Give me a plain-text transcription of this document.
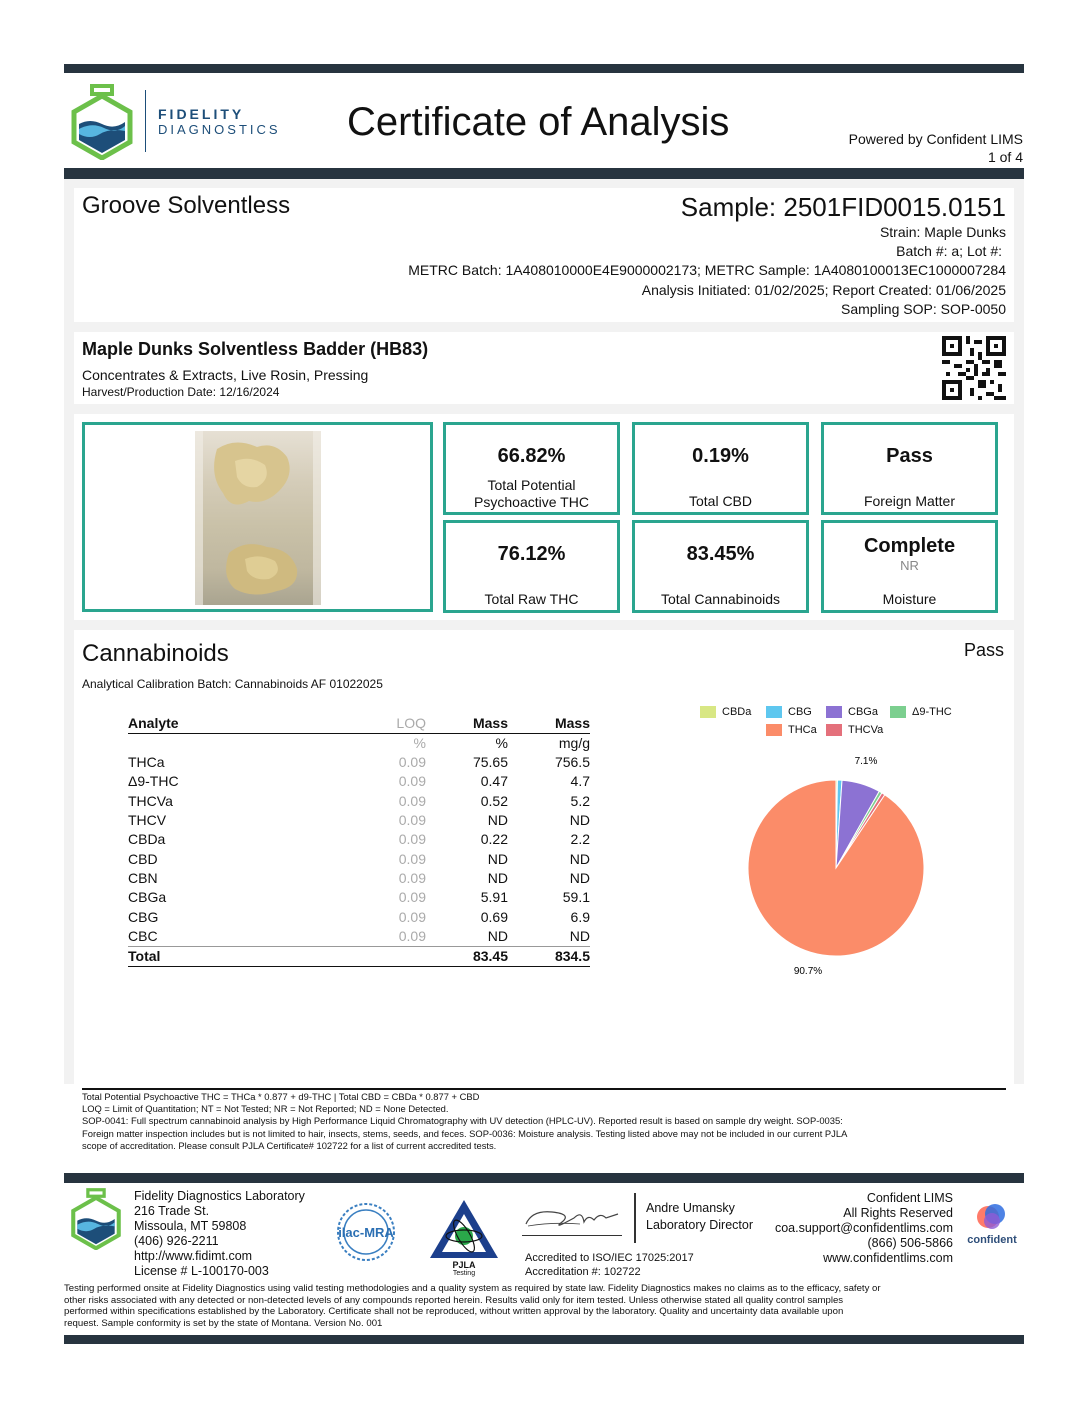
FIDELITY
DIAGNOSTICS Certificate of Analysis	Powered by Confident LIMS
1 of 4
Groove Solventless	Sample: 2501FID0015.0151
Strain: Maple Dunks
Batch #: a; Lot #:
METRC Batch: 1A408010000E4E9000002173; METRC Sample: 1A4080100013EC1000007284
Analysis Initiated: 01/02/2025; Report Created: 01/06/2025
Sampling SOP: SOP-0050
Maple Dunks Solventless Badder (HB83)
Concentrates & Extracts, Live Rosin, Pressing
Harvest/Production Date: 12/16/2024
66.82%
Total Potential
Psychoactive THC
0.19%
Total CBD
Pass
Foreign Matter
76.12%
Total Raw THC
83.45%
Total Cannabinoids
Complete
NR
Moisture
Cannabinoids	Pass
Analytical Calibration Batch: Cannabinoids AF 01022025
Analyte	LOQ	Mass	Mass
	%	%	mg/g
THCa	0.09	75.65	756.5
Δ9-THC	0.09	0.47	4.7
THCVa	0.09	0.52	5.2
THCV	0.09	ND	ND
CBDa	0.09	0.22	2.2
CBD	0.09	ND	ND
CBN	0.09	ND	ND
CBGa	0.09	5.91	59.1
CBG	0.09	0.69	6.9
CBC	0.09	ND	ND
Total		83.45	834.5
CBDa	CBG	CBGa	Δ9-THC
THCa	THCVa
7.1%
90.7%
Total Potential Psychoactive THC = THCa * 0.877 + d9-THC | Total CBD = CBDa * 0.877 + CBD
LOQ = Limit of Quantitation; NT = Not Tested; NR = Not Reported; ND = None Detected.
SOP-0041: Full spectrum cannabinoid analysis by High Performance Liquid Chromatography with UV detection (HPLC-UV). Reported result is based on sample dry weight. SOP-0035:
Foreign matter inspection includes but is not limited to hair, insects, stems, seeds, and feces. SOP-0036: Moisture analysis. Testing listed above may not be included in our current PJLA
scope of accreditation. Please consult PJLA Certificate# 102722 for a list of current accredited tests.
Fidelity Diagnostics Laboratory
216 Trade St.
Missoula, MT 59808
(406) 926-2211
http://www.fidimt.com
License # L-100170-003
ilac-MRA
PJLA
Testing
Andre Umansky
Laboratory Director
Accredited to ISO/IEC 17025:2017
Accreditation #: 102722
Confident LIMS
All Rights Reserved
coa.support@confidentlims.com
(866) 506-5866
www.confidentlims.com
confident
Testing performed onsite at Fidelity Diagnostics using valid testing methodologies and a quality system as required by state law. Fidelity Diagnostics makes no claims as to the efficacy, safety or
other risks associated with any detected or non-detected levels of any compounds reported herein. Results valid only for item tested. Unless otherwise stated all quality control samples
performed within specifications established by the Laboratory. Certificate shall not be reproduced, without written approval by the laboratory. Quality and uncertainty data available upon
request. Sample conformity is set by the state of Montana. Version No. 001
